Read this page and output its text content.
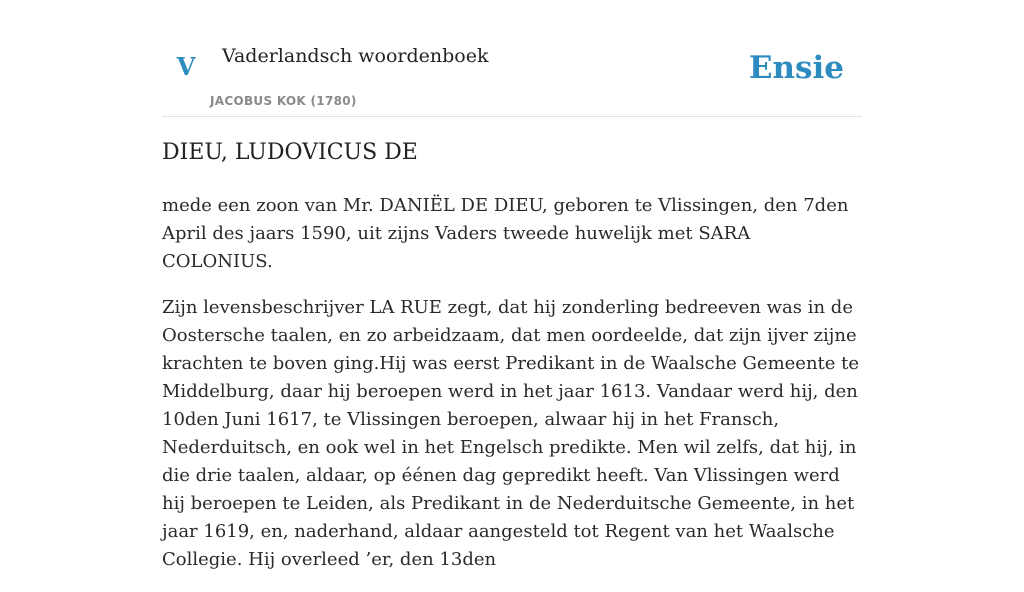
V	Vaderlandsch woordenboek
JACOBUS KOK (1780)
Ensie
DIEU, LUDOVICUS DE

mede een zoon van Mr. DANIËL DE DIEU, geboren te Vlissingen, den 7den April des jaars 1590, uit zijns Vaders tweede huwelijk met SARA COLONIUS.

Zijn levensbeschrijver LA RUE zegt, dat hij zonderling bedreeven was in de Oostersche taalen, en zo arbeidzaam, dat men oordeelde, dat zijn ijver zijne krachten te boven ging.Hij was eerst Predikant in de Waalsche Gemeente te Middelburg, daar hij beroepen werd in het jaar 1613. Vandaar werd hij, den 10den Juni 1617, te Vlissingen beroepen, alwaar hij in het Fransch, Nederduitsch, en ook wel in het Engelsch predikte. Men wil zelfs, dat hij, in die drie taalen, aldaar, op éénen dag gepredikt heeft. Van Vlissingen werd hij beroepen te Leiden, als Predikant in de Nederduitsche Gemeente, in het jaar 1619, en, naderhand, aldaar aangesteld tot Regent van het Waalsche Collegie. Hij overleed ’er, den 13den
